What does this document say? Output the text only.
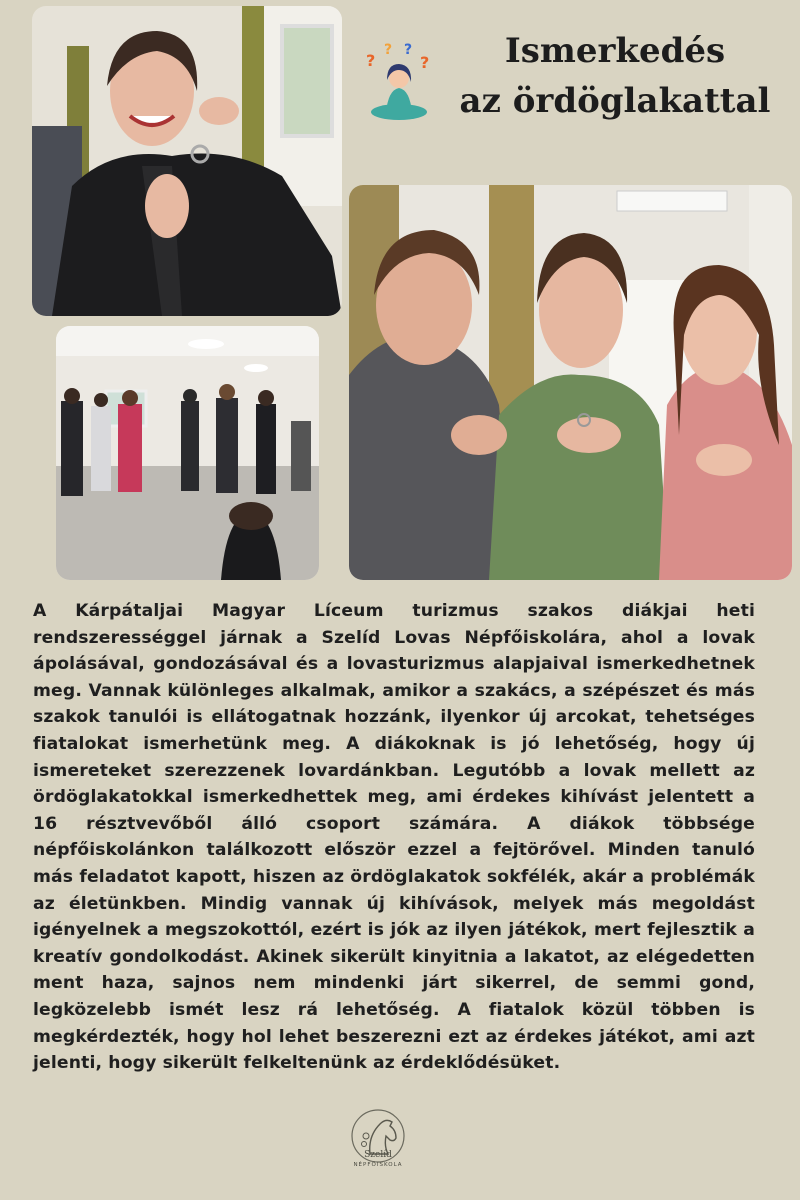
?
? ?
?	Ismerkedés
az ördöglakattal
A Kárpátaljai Magyar Líceum turizmus szakos diákjai heti rendszerességgel járnak a Szelíd Lovas Népfőiskolára, ahol a lovak ápolásával, gondozásával és a lovasturizmus alapjaival ismerkedhetnek meg. Vannak különleges alkalmak, amikor a szakács, a szépészet és más szakok tanulói is ellátogatnak hozzánk, ilyenkor új arcokat, tehetséges fiatalokat ismerhetünk meg. A diákoknak is jó lehetőség, hogy új ismereteket szerezzenek lovardánkban. Legutóbb a lovak mellett az ördöglakatokkal ismerkedhettek meg, ami érdekes kihívást jelentett a 16 résztvevőből álló csoport számára. A diákok többsége népfőiskolánkon találkozott először ezzel a fejtörővel. Minden tanuló más feladatot kapott, hiszen az ördöglakatok sokfélék, akár a problémák az életünkben. Mindig vannak új kihívások, melyek más megoldást igényelnek a megszokottól, ezért is jók az ilyen játékok, mert fejlesztik a kreatív gondolkodást. Akinek sikerült kinyitnia a lakatot, az elégedetten ment haza, sajnos nem mindenki járt sikerrel, de semmi gond, legközelebb ismét lesz rá lehetőség. A fiatalok közül többen is megkérdezték, hogy hol lehet beszerezni ezt az érdekes játékot, ami azt jelenti, hogy sikerült felkeltenünk az érdeklődésüket.
Szelíd
NÉPFŐISKOLA
